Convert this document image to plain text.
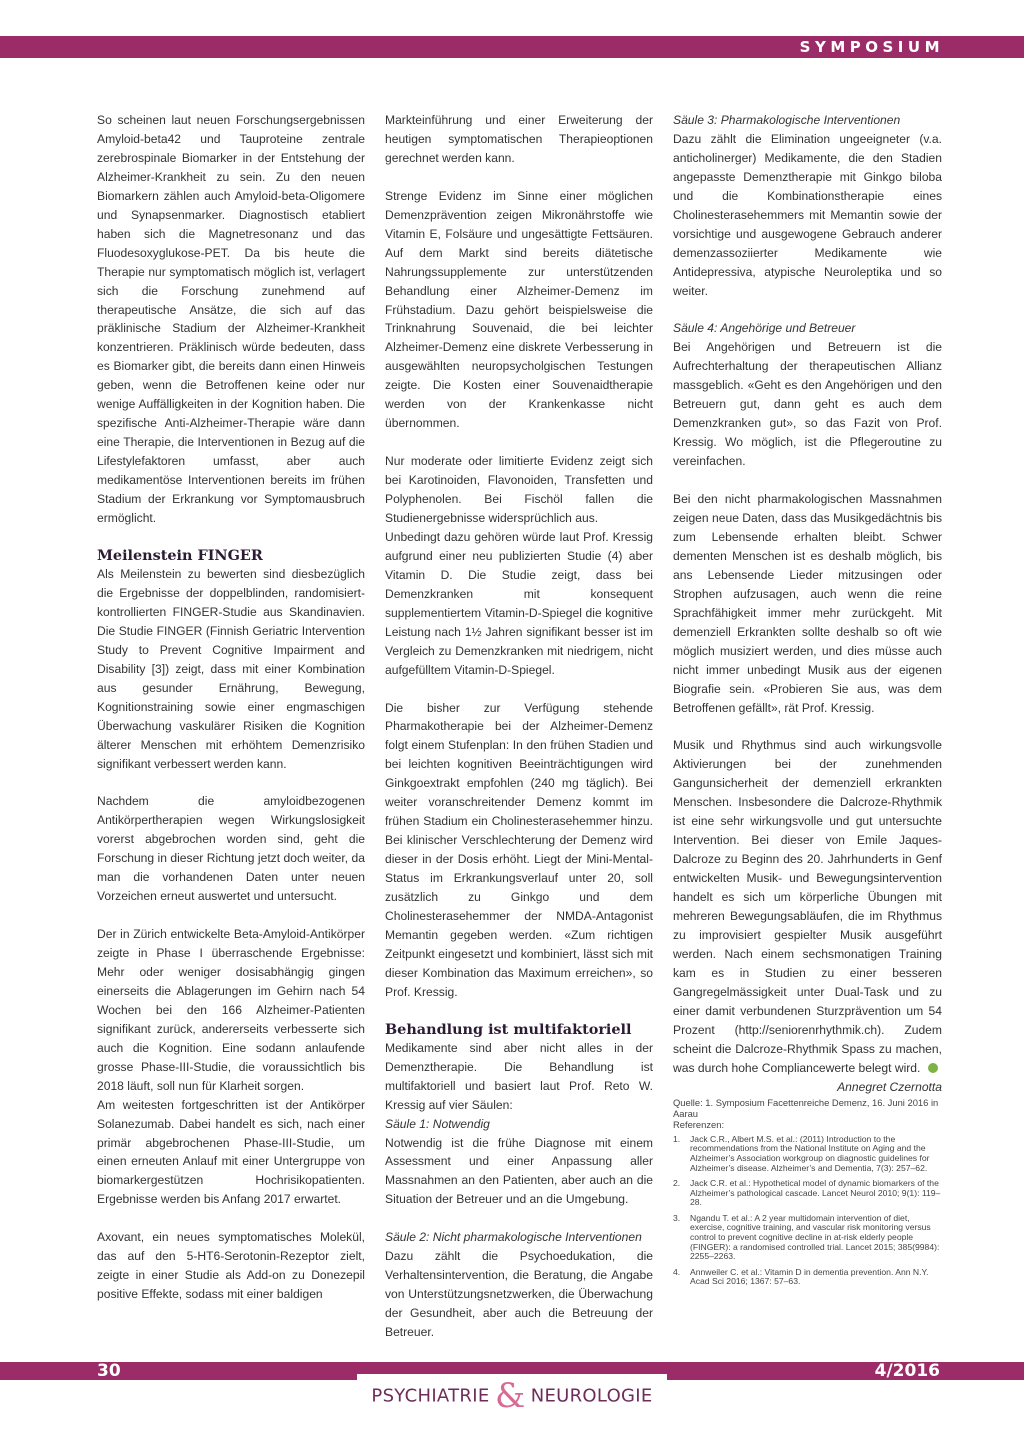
SYMPOSIUM

So scheinen laut neuen Forschungsergebnissen Amyloid-beta42 und Tauproteine zentrale zerebrospinale Biomarker in der Entstehung der Alzheimer-Krankheit zu sein. Zu den neuen Biomarkern zählen auch Amyloid-beta-Oligomere und Synapsenmarker. Diagnostisch etabliert haben sich die Magnetresonanz und das Fluodesoxyglukose-PET. Da bis heute die Therapie nur symptomatisch möglich ist, verlagert sich die Forschung zunehmend auf therapeutische Ansätze, die sich auf das präklinische Stadium der Alzheimer-Krankheit konzentrieren. Präklinisch würde bedeuten, dass es Biomarker gibt, die bereits dann einen Hinweis geben, wenn die Betroffenen keine oder nur wenige Auffälligkeiten in der Kognition haben. Die spezifische Anti-Alzheimer-Therapie wäre dann eine Therapie, die Interventionen in Bezug auf die Lifestylefaktoren umfasst, aber auch medikamentöse Interventionen bereits im frühen Stadium der Erkrankung vor Symptomausbruch ermöglicht.

Meilenstein FINGER

Als Meilenstein zu bewerten sind diesbezüglich die Ergebnisse der doppelblinden, randomisiert-kontrollierten FINGER-Studie aus Skandinavien. Die Studie FINGER (Finnish Geriatric Intervention Study to Prevent Cognitive Impairment and Disability [3]) zeigt, dass mit einer Kombination aus gesunder Ernährung, Bewegung, Kognitionstraining sowie einer engmaschigen Überwachung vaskulärer Risiken die Kognition älterer Menschen mit erhöhtem Demenzrisiko signifikant verbessert werden kann.

Nachdem die amyloidbezogenen Antikörpertherapien wegen Wirkungslosigkeit vorerst abgebrochen worden sind, geht die Forschung in dieser Richtung jetzt doch weiter, da man die vorhandenen Daten unter neuen Vorzeichen erneut auswertet und untersucht.

Der in Zürich entwickelte Beta-Amyloid-Antikörper zeigte in Phase I überraschende Ergebnisse: Mehr oder weniger dosisabhängig gingen einerseits die Ablagerungen im Gehirn nach 54 Wochen bei den 166 Alzheimer-Patienten signifikant zurück, andererseits verbesserte sich auch die Kognition. Eine sodann anlaufende grosse Phase-III-Studie, die voraussichtlich bis 2018 läuft, soll nun für Klarheit sorgen.

Am weitesten fortgeschritten ist der Antikörper Solanezumab. Dabei handelt es sich, nach einer primär abgebrochenen Phase-III-Studie, um einen erneuten Anlauf mit einer Untergruppe von biomarkergestützen Hochrisikopatienten. Ergebnisse werden bis Anfang 2017 erwartet.

Axovant, ein neues symptomatisches Molekül, das auf den 5-HT6-Serotonin-Rezeptor zielt, zeigte in einer Studie als Add-on zu Donezepil positive Effekte, sodass mit einer baldigen

Markteinführung und einer Erweiterung der heutigen symptomatischen Therapieoptionen gerechnet werden kann.

Strenge Evidenz im Sinne einer möglichen Demenzprävention zeigen Mikronährstoffe wie Vitamin E, Folsäure und ungesättigte Fettsäuren. Auf dem Markt sind bereits diätetische Nahrungssupplemente zur unterstützenden Behandlung einer Alzheimer-Demenz im Frühstadium. Dazu gehört beispielsweise die Trinknahrung Souvenaid, die bei leichter Alzheimer-Demenz eine diskrete Verbesserung in ausgewählten neuropsycholgischen Testungen zeigte. Die Kosten einer Souvenaidtherapie werden von der Krankenkasse nicht übernommen.

Nur moderate oder limitierte Evidenz zeigt sich bei Karotinoiden, Flavonoiden, Transfetten und Polyphenolen. Bei Fischöl fallen die Studienergebnisse widersprüchlich aus.

Unbedingt dazu gehören würde laut Prof. Kressig aufgrund einer neu publizierten Studie (4) aber Vitamin D. Die Studie zeigt, dass bei Demenzkranken mit konsequent supplementiertem Vitamin-D-Spiegel die kognitive Leistung nach 1½ Jahren signifikant besser ist im Vergleich zu Demenzkranken mit niedrigem, nicht aufgefülltem Vitamin-D-Spiegel.

Die bisher zur Verfügung stehende Pharmakotherapie bei der Alzheimer-Demenz folgt einem Stufenplan: In den frühen Stadien und bei leichten kognitiven Beeinträchtigungen wird Ginkgoextrakt empfohlen (240 mg täglich). Bei weiter voranschreitender Demenz kommt im frühen Stadium ein Cholinesterasehemmer hinzu. Bei klinischer Verschlechterung der Demenz wird dieser in der Dosis erhöht. Liegt der Mini-Mental-Status im Erkrankungsverlauf unter 20, soll zusätzlich zu Ginkgo und dem Cholinesterasehemmer der NMDA-Antagonist Memantin gegeben werden. «Zum richtigen Zeitpunkt eingesetzt und kombiniert, lässt sich mit dieser Kombination das Maximum erreichen», so Prof. Kressig.

Behandlung ist multifaktoriell

Medikamente sind aber nicht alles in der Demenztherapie. Die Behandlung ist multifaktoriell und basiert laut Prof. Reto W. Kressig auf vier Säulen:

Säule 1: Notwendig

Notwendig ist die frühe Diagnose mit einem Assessment und einer Anpassung aller Massnahmen an den Patienten, aber auch an die Situation der Betreuer und an die Umgebung.

Säule 2: Nicht pharmakologische Interventionen

Dazu zählt die Psychoedukation, die Verhaltensintervention, die Beratung, die Angabe von Unterstützungsnetzwerken, die Überwachung der Gesundheit, aber auch die Betreuung der Betreuer.

Säule 3: Pharmakologische Interventionen

Dazu zählt die Elimination ungeeigneter (v.a. anticholinerger) Medikamente, die den Stadien angepasste Demenztherapie mit Ginkgo biloba und die Kombinationstherapie eines Cholinesterasehemmers mit Memantin sowie der vorsichtige und ausgewogene Gebrauch anderer demenzassoziierter Medikamente wie Antidepressiva, atypische Neuroleptika und so weiter.

Säule 4: Angehörige und Betreuer

Bei Angehörigen und Betreuern ist die Aufrechterhaltung der therapeutischen Allianz massgeblich. «Geht es den Angehörigen und den Betreuern gut, dann geht es auch dem Demenzkranken gut», so das Fazit von Prof. Kressig. Wo möglich, ist die Pflegeroutine zu vereinfachen.

Bei den nicht pharmakologischen Massnahmen zeigen neue Daten, dass das Musikgedächtnis bis zum Lebensende erhalten bleibt. Schwer dementen Menschen ist es deshalb möglich, bis ans Lebensende Lieder mitzusingen oder Strophen aufzusagen, auch wenn die reine Sprachfähigkeit immer mehr zurückgeht. Mit demenziell Erkrankten sollte deshalb so oft wie möglich musiziert werden, und dies müsse auch nicht immer unbedingt Musik aus der eigenen Biografie sein. «Probieren Sie aus, was dem Betroffenen gefällt», rät Prof. Kressig.

Musik und Rhythmus sind auch wirkungsvolle Aktivierungen bei der zunehmenden Gangunsicherheit der demenziell erkrankten Menschen. Insbesondere die Dalcroze-Rhythmik ist eine sehr wirkungsvolle und gut untersuchte Intervention. Bei dieser von Emile Jaques-Dalcroze zu Beginn des 20. Jahrhunderts in Genf entwickelten Musik- und Bewegungsintervention handelt es sich um körperliche Übungen mit mehreren Bewegungsabläufen, die im Rhythmus zu improvisiert gespielter Musik ausgeführt werden. Nach einem sechsmonatigen Training kam es in Studien zu einer besseren Gangregelmässigkeit unter Dual-Task und zu einer damit verbundenen Sturzprävention um 54 Prozent (http://seniorenrhythmik.ch). Zudem scheint die Dalcroze-Rhythmik Spass zu machen, was durch hohe Compliancewerte belegt wird.

Annegret Czernotta

Quelle: 1. Symposium Facettenreiche Demenz, 16. Juni 2016 in Aarau

Referenzen:

1. Jack C.R., Albert M.S. et al.: (2011) Introduction to the recommendations from the National Institute on Aging and the Alzheimer’s Association workgroup on diagnostic guidelines for Alzheimer’s disease. Alzheimer’s and Dementia, 7(3): 257–62.
2. Jack C.R. et al.: Hypothetical model of dynamic biomarkers of the Alzheimer’s pathological cascade. Lancet Neurol 2010; 9(1): 119–28.
3. Ngandu T. et al.: A 2 year multidomain intervention of diet, exercise, cognitive training, and vascular risk monitoring versus control to prevent cognitive decline in at-risk elderly people (FINGER): a randomised controlled trial. Lancet 2015; 385(9984): 2255–2263.
4. Annweiler C. et al.: Vitamin D in dementia prevention. Ann N.Y. Acad Sci 2016; 1367: 57–63.
30	4/2016
PSYCHIATRIE & NEUROLOGIE
